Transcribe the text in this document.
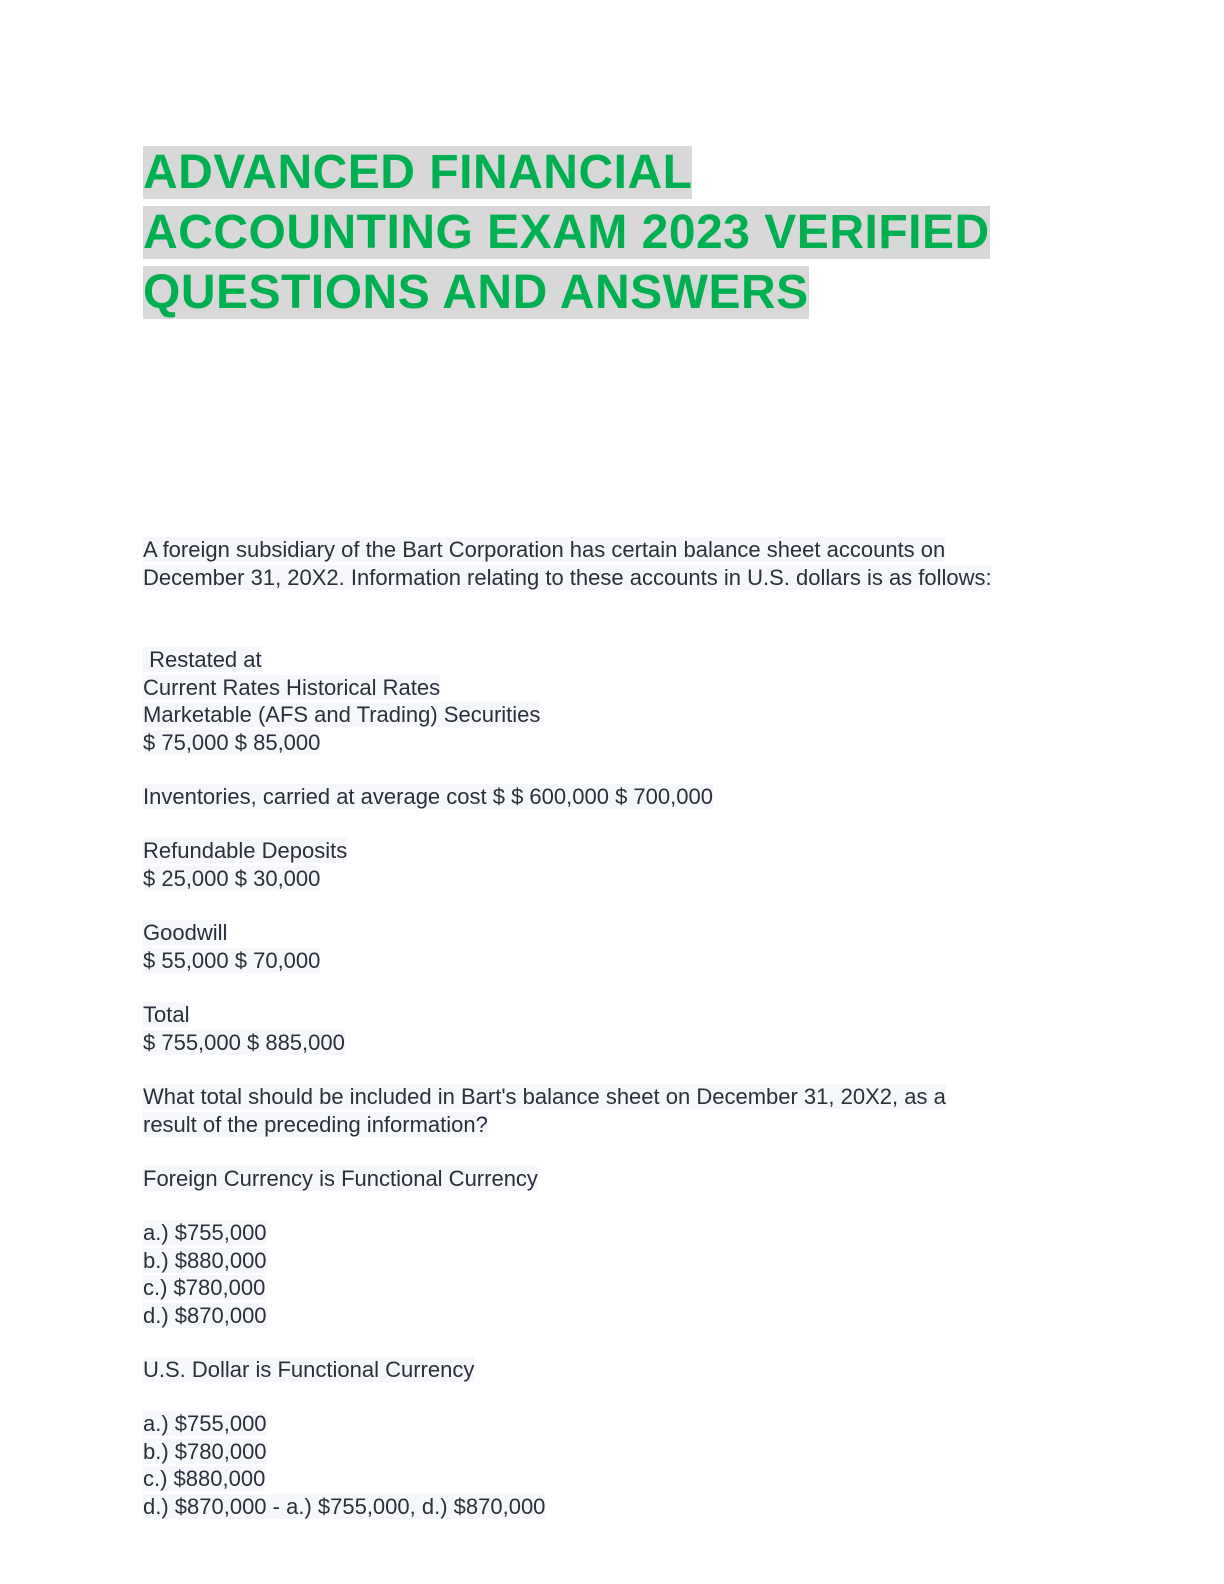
ADVANCED FINANCIAL
ACCOUNTING EXAM 2023 VERIFIED
QUESTIONS AND ANSWERS

A foreign subsidiary of the Bart Corporation has certain balance sheet accounts on
December 31, 20X2. Information relating to these accounts in U.S. dollars is as follows:

Restated at
Current Rates Historical Rates
Marketable (AFS and Trading) Securities
$ 75,000 $ 85,000

Inventories, carried at average cost $ $ 600,000 $ 700,000

Refundable Deposits
$ 25,000 $ 30,000

Goodwill
$ 55,000 $ 70,000

Total
$ 755,000 $ 885,000

What total should be included in Bart's balance sheet on December 31, 20X2, as a
result of the preceding information?

Foreign Currency is Functional Currency

a.) $755,000
b.) $880,000
c.) $780,000
d.) $870,000

U.S. Dollar is Functional Currency

a.) $755,000
b.) $780,000
c.) $880,000
d.) $870,000 - a.) $755,000, d.) $870,000
